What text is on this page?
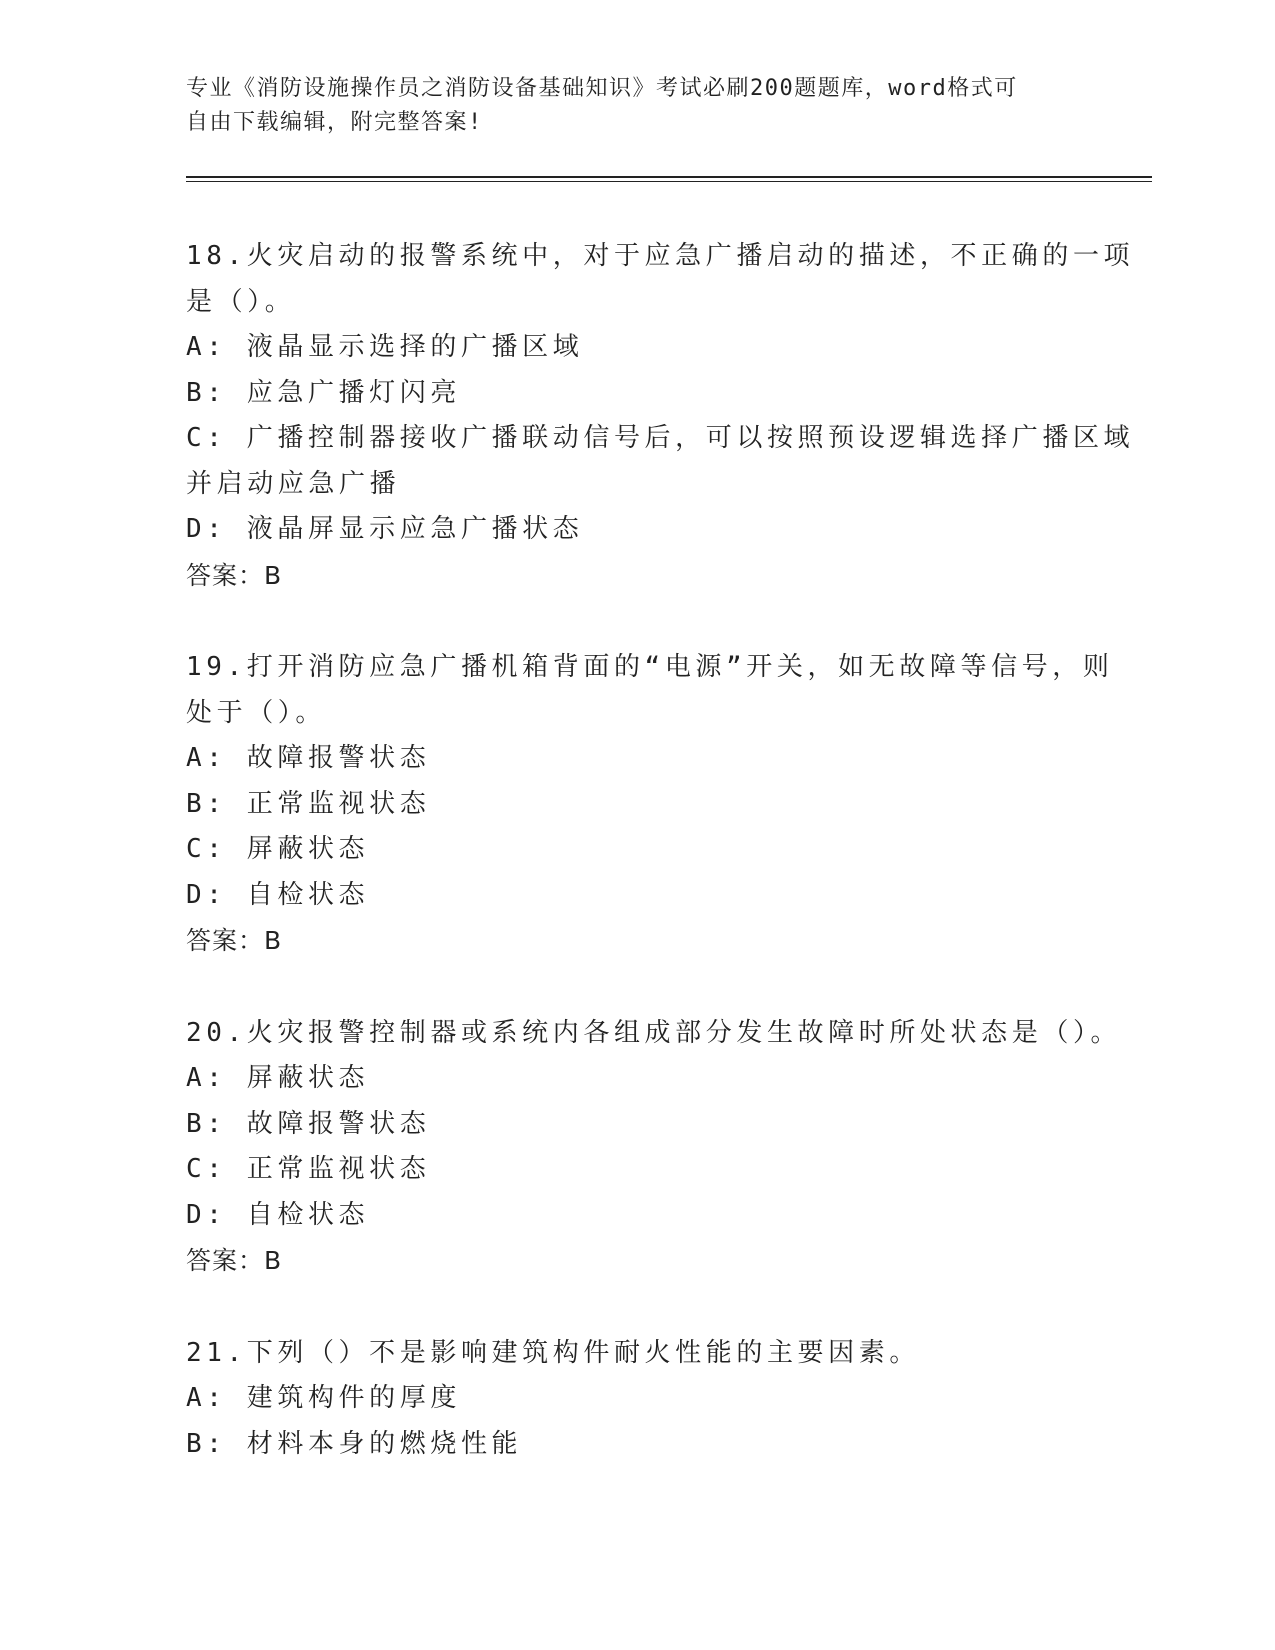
专业《消防设施操作员之消防设备基础知识》考试必刷200题题库，word格式可
自由下载编辑，附完整答案!
18.火灾启动的报警系统中，对于应急广播启动的描述，不正确的一项
是（）。
A: 液晶显示选择的广播区域
B: 应急广播灯闪亮
C: 广播控制器接收广播联动信号后，可以按照预设逻辑选择广播区域
并启动应急广播
D: 液晶屏显示应急广播状态
答案：B
19.打开消防应急广播机箱背面的“电源”开关，如无故障等信号，则
处于（）。
A: 故障报警状态
B: 正常监视状态
C: 屏蔽状态
D: 自检状态
答案：B
20.火灾报警控制器或系统内各组成部分发生故障时所处状态是（）。
A: 屏蔽状态
B: 故障报警状态
C: 正常监视状态
D: 自检状态
答案：B
21.下列（）不是影响建筑构件耐火性能的主要因素。
A: 建筑构件的厚度
B: 材料本身的燃烧性能
